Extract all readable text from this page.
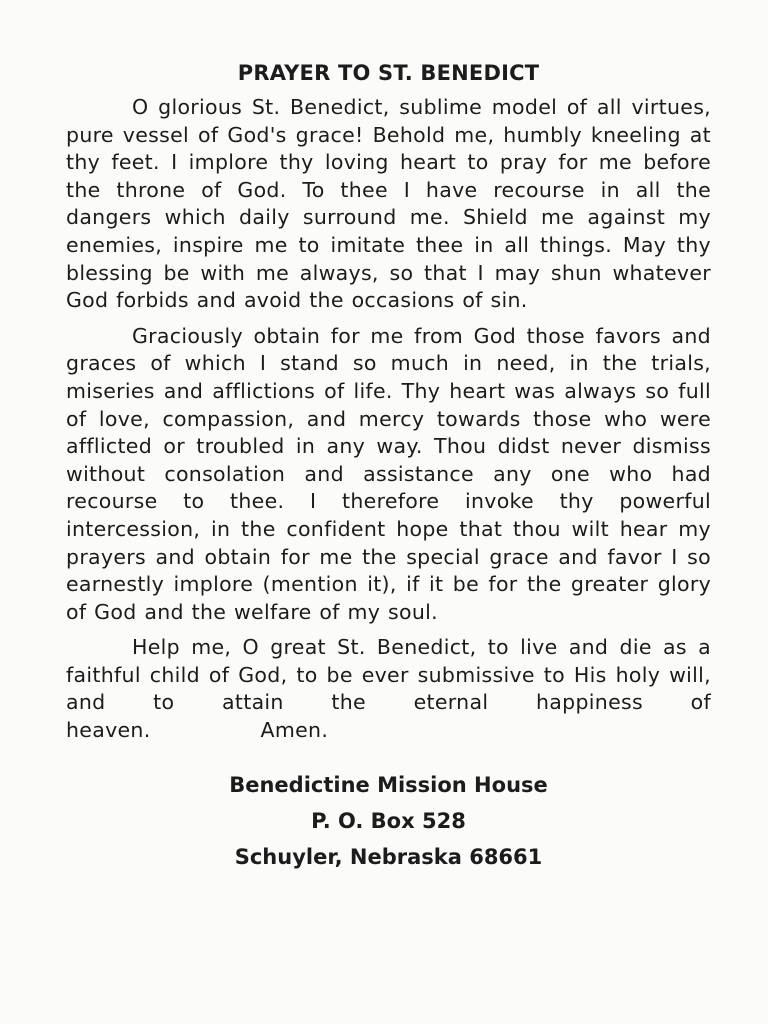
PRAYER TO ST. BENEDICT

O glorious St. Benedict, sublime model of all virtues, pure vessel of God's grace! Behold me, humbly kneeling at thy feet. I implore thy loving heart to pray for me before the throne of God. To thee I have recourse in all the dangers which daily surround me. Shield me against my enemies, inspire me to imitate thee in all things. May thy blessing be with me always, so that I may shun whatever God forbids and avoid the occasions of sin.

Graciously obtain for me from God those favors and graces of which I stand so much in need, in the trials, miseries and afflictions of life. Thy heart was always so full of love, compassion, and mercy towards those who were afflicted or troubled in any way. Thou didst never dismiss without consolation and assistance any one who had recourse to thee. I therefore invoke thy powerful intercession, in the confident hope that thou wilt hear my prayers and obtain for me the special grace and favor I so earnestly implore (mention it), if it be for the greater glory of God and the welfare of my soul.

Help me, O great St. Benedict, to live and die as a faithful child of God, to be ever submissive to His holy will, and to attain the eternal happiness of heaven.	Amen.

Benedictine Mission House
P. O. Box 528
Schuyler, Nebraska 68661
